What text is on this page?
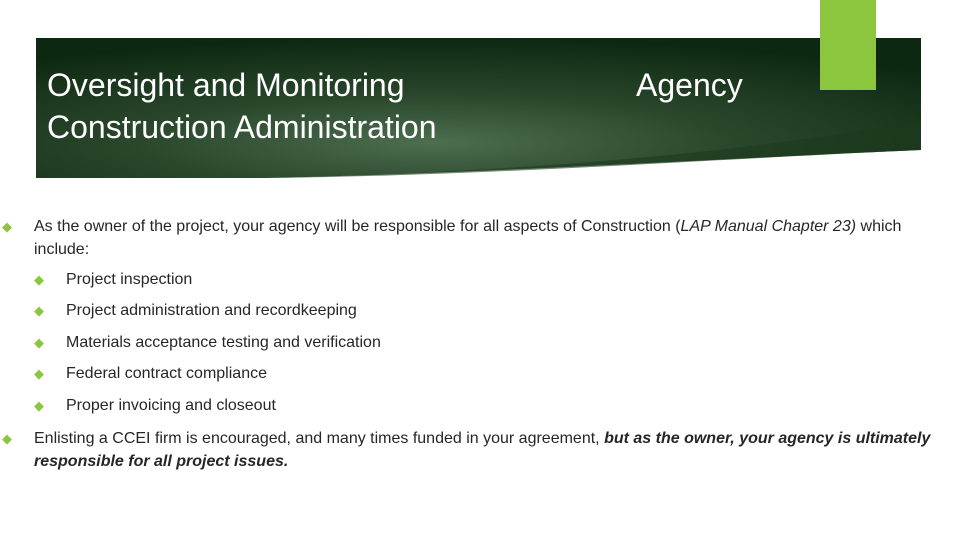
Oversight and Monitoring
Construction Administration
Agency
◆ As the owner of the project, your agency will be responsible for all aspects of Construction (LAP Manual Chapter 23) which include:
◆ Project inspection
◆ Project administration and recordkeeping
◆ Materials acceptance testing and verification
◆ Federal contract compliance
◆ Proper invoicing and closeout
◆ Enlisting a CCEI firm is encouraged, and many times funded in your agreement, but as the owner, your agency is ultimately responsible for all project issues.
